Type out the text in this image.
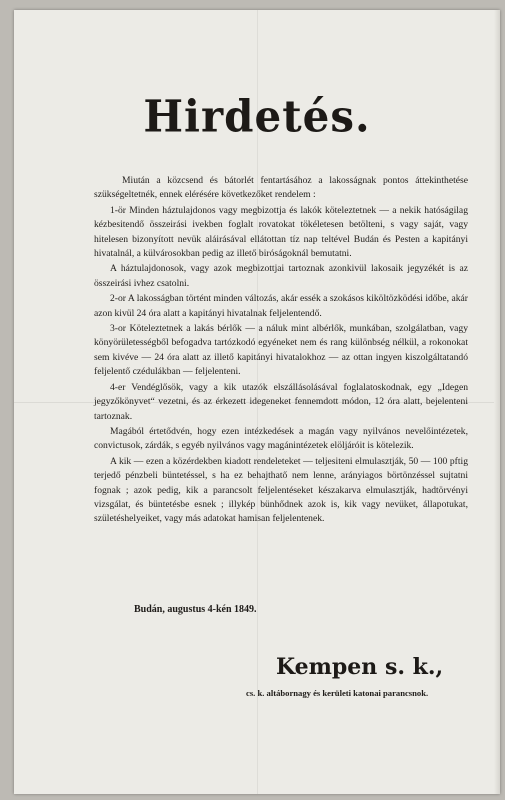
Hirdetés.

Miután a közcsend és bátorlét fentartásához a lakosságnak pontos áttekinthetése szükségeltetnék, ennek elérésére következőket rendelem :

1-ör Minden háztulajdonos vagy megbizottja és lakók köteleztetnek — a nekik hatóságilag kézbesitendő összeirási ivekben foglalt rovatokat tökéletesen betölteni, s vagy saját, vagy hitelesen bizonyított nevük aláirásával ellátottan tíz nap teltével Budán és Pesten a kapitányi hivatalnál, a külvárosokban pedig az illető biróságoknál bemutatni.

A háztulajdonosok, vagy azok megbizottjai tartoznak azonkivül lakosaik jegyzékét is az összeirási ivhez csatolni.

2-or A lakosságban történt minden változás, akár essék a szokásos kiköltözködési időbe, akár azon kivül 24 óra alatt a kapitányi hivatalnak feljelentendő.

3-or Köteleztetnek a lakás bérlők — a náluk mint albérlők, munkában, szolgálatban, vagy könyörületességből befogadva tartózkodó egyéneket nem és rang különbség nélkül, a rokonokat sem kivéve — 24 óra alatt az illető kapitányi hivatalokhoz — az ottan ingyen kiszolgáltatandó feljelentő czédulákban — feljelenteni.

4-er Vendéglősök, vagy a kik utazók elszállásolásával foglalatoskodnak, egy „Idegen jegyzőkönyvet“ vezetni, és az érkezett idegeneket fennemdott módon, 12 óra alatt, bejelenteni tartoznak.

Magából értetődvén, hogy ezen intézkedések a magán vagy nyilvános nevelőintézetek, convictusok, zárdák, s egyéb nyilvános vagy magánintézetek elöljáróit is kötelezik.

A kik — ezen a közérdekben kiadott rendeleteket — teljesiteni elmulasztják, 50 — 100 pftig terjedő pénzbeli büntetéssel, s ha ez behajthatő nem lenne, arányiagos börtönzéssel sujtatni fognak ; azok pedig, kik a parancsolt feljelentéseket készakarva elmulasztják, hadtörvényi vizsgálat, és büntetésbe esnek ; illykép bünhődnek azok is, kik vagy nevüket, állapotukat, születéshelyeiket, vagy más adatokat hamisan feljelentenek.

Budán, augustus 4-kén 1849.
Kempen s. k.,
cs. k. altábornagy és kerületi katonai parancsnok.
